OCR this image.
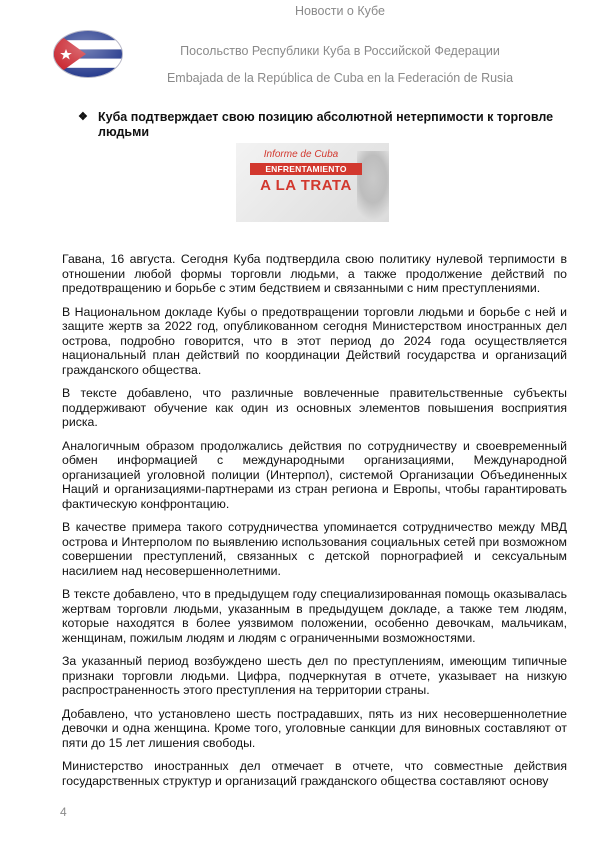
Новости о Кубе
Посольство Республики Куба в Российской Федерации
Embajada de la República de Cuba en la Federación de Rusia
❖ Куба подтверждает свою позицию абсолютной нетерпимости к торговле людьми
Informe de Cuba
ENFRENTAMIENTO
A LA TRATA

Гавана, 16 августа. Сегодня Куба подтвердила свою политику нулевой терпимости в отношении любой формы торговли людьми, а также продолжение действий по предотвращению и борьбе с этим бедствием и связанными с ним преступлениями.

В Национальном докладе Кубы о предотвращении торговли людьми и борьбе с ней и защите жертв за 2022 год, опубликованном сегодня Министерством иностранных дел острова, подробно говорится, что в этот период до 2024 года осуществляется национальный план действий по координации Действий государства и организаций гражданского общества.

В тексте добавлено, что различные вовлеченные правительственные субъекты поддерживают обучение как один из основных элементов повышения восприятия риска.

Аналогичным образом продолжались действия по сотрудничеству и своевременный обмен информацией с международными организациями, Международной организацией уголовной полиции (Интерпол), системой Организации Объединенных Наций и организациями-партнерами из стран региона и Европы, чтобы гарантировать фактическую конфронтацию.

В качестве примера такого сотрудничества упоминается сотрудничество между МВД острова и Интерполом по выявлению использования социальных сетей при возможном совершении преступлений, связанных с детской порнографией и сексуальным насилием над несовершеннолетними.

В тексте добавлено, что в предыдущем году специализированная помощь оказывалась жертвам торговли людьми, указанным в предыдущем докладе, а также тем людям, которые находятся в более уязвимом положении, особенно девочкам, мальчикам, женщинам, пожилым людям и людям с ограниченными возможностями.

За указанный период возбуждено шесть дел по преступлениям, имеющим типичные признаки торговли людьми. Цифра, подчеркнутая в отчете, указывает на низкую распространенность этого преступления на территории страны.

Добавлено, что установлено шесть пострадавших, пять из них несовершеннолетние девочки и одна женщина. Кроме того, уголовные санкции для виновных составляют от пяти до 15 лет лишения свободы.

Министерство иностранных дел отмечает в отчете, что совместные действия государственных структур и организаций гражданского общества составляют основу

4
